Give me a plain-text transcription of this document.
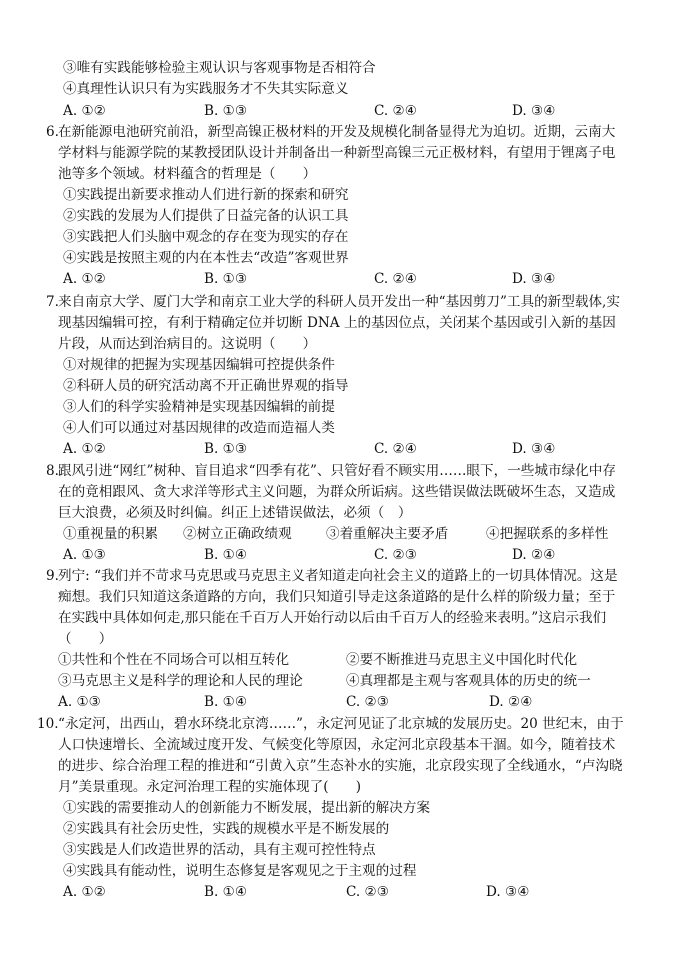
③唯有实践能够检验主观认识与客观事物是否相符合
④真理性认识只有为实践服务才不失其实际意义
A. ①②	B. ①③	C. ②④	D. ③④
6. 在新能源电池研究前沿，新型高镍正极材料的开发及规模化制备显得尤为迫切。近期，云南大
学材料与能源学院的某教授团队设计并制备出一种新型高镍三元正极材料，有望用于锂离子电
池等多个领域。材料蕴含的哲理是（　　）
①实践提出新要求推动人们进行新的探索和研究
②实践的发展为人们提供了日益完备的认识工具
③实践把人们头脑中观念的存在变为现实的存在
④实践是按照主观的内在本性去“改造”客观世界
A. ①②	B. ①③	C. ②④	D. ③④
7. 来自南京大学、厦门大学和南京工业大学的科研人员开发出一种“基因剪刀”工具的新型载体,实
现基因编辑可控，有利于精确定位并切断 DNA 上的基因位点，关闭某个基因或引入新的基因
片段，从而达到治病目的。这说明（　　）
①对规律的把握为实现基因编辑可控提供条件
②科研人员的研究活动离不开正确世界观的指导
③人们的科学实验精神是实现基因编辑的前提
④人们可以通过对基因规律的改造而造福人类
A. ①②	B. ①③	C. ②④	D. ③④
8. 跟风引进“网红”树种、盲目追求“四季有花”、只管好看不顾实用……眼下，一些城市绿化中存
在的竟相跟风、贪大求洋等形式主义问题，为群众所诟病。这些错误做法既破坏生态，又造成
巨大浪费，必须及时纠偏。纠正上述错误做法，必须（　）
①重视量的积累 ②树立正确政绩观	③着重解决主要矛盾	④把握联系的多样性
A. ①③	B. ①④	C. ②③	D. ②④
9. 列宁: “我们并不苛求马克思或马克思主义者知道走向社会主义的道路上的一切具体情况。这是
痴想。我们只知道这条道路的方向，我们只知道引导走这条道路的是什么样的阶级力量；至于
在实践中具体如何走,那只能在千百万人开始行动以后由千百万人的经验来表明。”这启示我们
（　　）
①共性和个性在不同场合可以相互转化	②要不断推进马克思主义中国化时代化
③马克思主义是科学的理论和人民的理论	④真理都是主观与客观具体的历史的统一
A. ①③	B. ①④	C. ②③	D. ②④
10. “永定河，出西山，碧水环绕北京湾……”，永定河见证了北京城的发展历史。20 世纪末，由于
人口快速增长、全流域过度开发、气候变化等原因，永定河北京段基本干涸。如今，随着技术
的进步、综合治理工程的推进和“引黄入京”生态补水的实施，北京段实现了全线通水，“卢沟晓
月”美景重现。永定河治理工程的实施体现了(　　)
①实践的需要推动人的创新能力不断发展，提出新的解决方案
②实践具有社会历史性，实践的规模水平是不断发展的
③实践是人们改造世界的活动，具有主观可控性特点
④实践具有能动性，说明生态修复是客观见之于主观的过程
A. ①②	B. ①④	C. ②③	D. ③④
